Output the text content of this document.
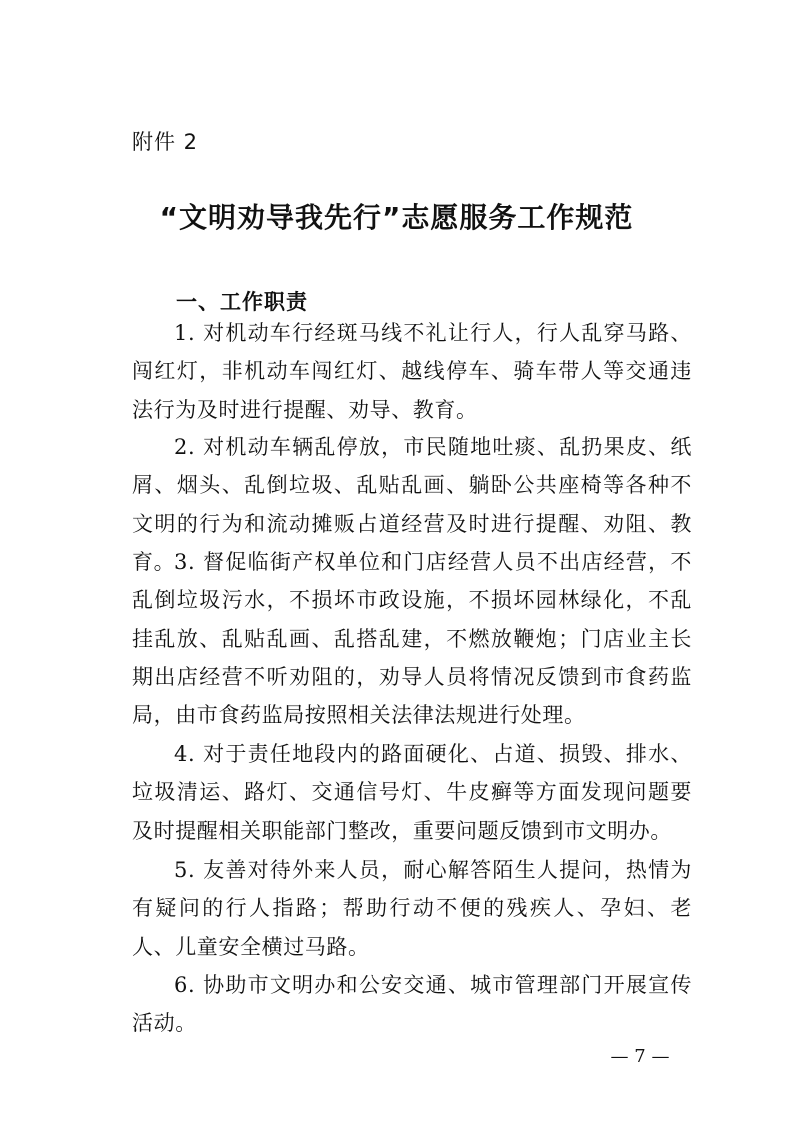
附件 2
“文明劝导我先行”志愿服务工作规范
一、工作职责

1. 对机动车行经斑马线不礼让行人，行人乱穿马路、闯红灯，非机动车闯红灯、越线停车、骑车带人等交通违法行为及时进行提醒、劝导、教育。

2. 对机动车辆乱停放，市民随地吐痰、乱扔果皮、纸屑、烟头、乱倒垃圾、乱贴乱画、躺卧公共座椅等各种不文明的行为和流动摊贩占道经营及时进行提醒、劝阻、教育。

3. 督促临街产权单位和门店经营人员不出店经营，不乱倒垃圾污水，不损坏市政设施，不损坏园林绿化，不乱挂乱放、乱贴乱画、乱搭乱建，不燃放鞭炮；门店业主长期出店经营不听劝阻的，劝导人员将情况反馈到市食药监局，由市食药监局按照相关法律法规进行处理。

4. 对于责任地段内的路面硬化、占道、损毁、排水、垃圾清运、路灯、交通信号灯、牛皮癣等方面发现问题要及时提醒相关职能部门整改，重要问题反馈到市文明办。

5. 友善对待外来人员，耐心解答陌生人提问，热情为有疑问的行人指路；帮助行动不便的残疾人、孕妇、老人、儿童安全横过马路。

6. 协助市文明办和公安交通、城市管理部门开展宣传活动。

— 7 —
